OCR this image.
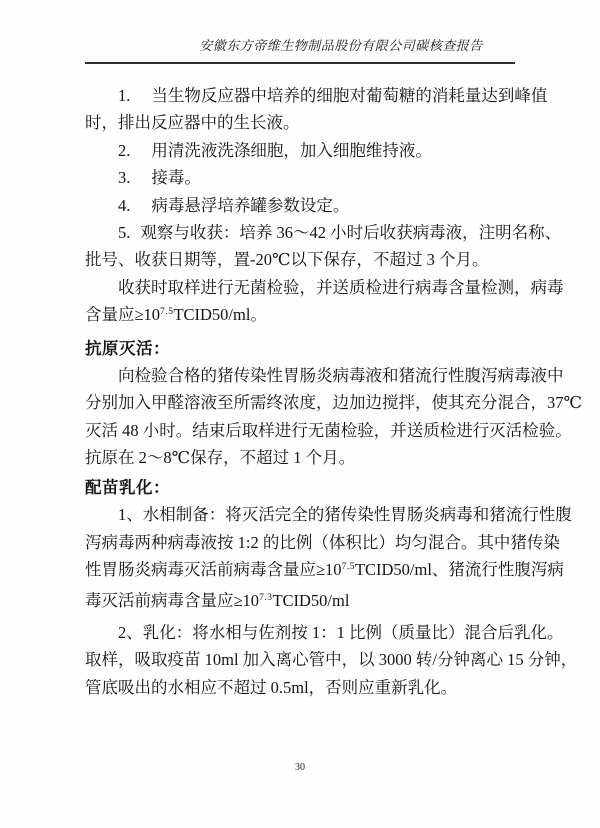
安徽东方帝维生物制品股份有限公司碳核查报告

1. 当生物反应器中培养的细胞对葡萄糖的消耗量达到峰值

时，排出反应器中的生长液。

2. 用清洗液洗涤细胞，加入细胞维持液。

3. 接毒。

4. 病毒悬浮培养罐参数设定。

5. 观察与收获：培养 36～42 小时后收获病毒液，注明名称、

批号、收获日期等，置-20℃以下保存，不超过 3 个月。

收获时取样进行无菌检验，并送质检进行病毒含量检测，病毒

含量应$\ge 10^{7.5}TCID50/ml$。

抗原灭活：

向检验合格的猪传染性胃肠炎病毒液和猪流行性腹泻病毒液中

分别加入甲醛溶液至所需终浓度，边加边搅拌，使其充分混合，37℃

灭活 48 小时。结束后取样进行无菌检验，并送质检进行灭活检验。

抗原在 2～8℃保存，不超过 1 个月。

配苗乳化：

1、水相制备：将灭活完全的猪传染性胃肠炎病毒和猪流行性腹

泻病毒两种病毒液按 1:2 的比例（体积比）均匀混合。其中猪传染

性胃肠炎病毒灭活前病毒含量应$\ge 10^{7.5}TCID50/ml$、猪流行性腹泻病

毒灭活前病毒含量应$\ge 10^{7.3}TCID50/ml$

2、乳化：将水相与佐剂按 1：1 比例（质量比）混合后乳化。

取样，吸取疫苗 10ml 加入离心管中，以 3000 转/分钟离心 15 分钟，

管底吸出的水相应不超过 0.5ml，否则应重新乳化。

30
